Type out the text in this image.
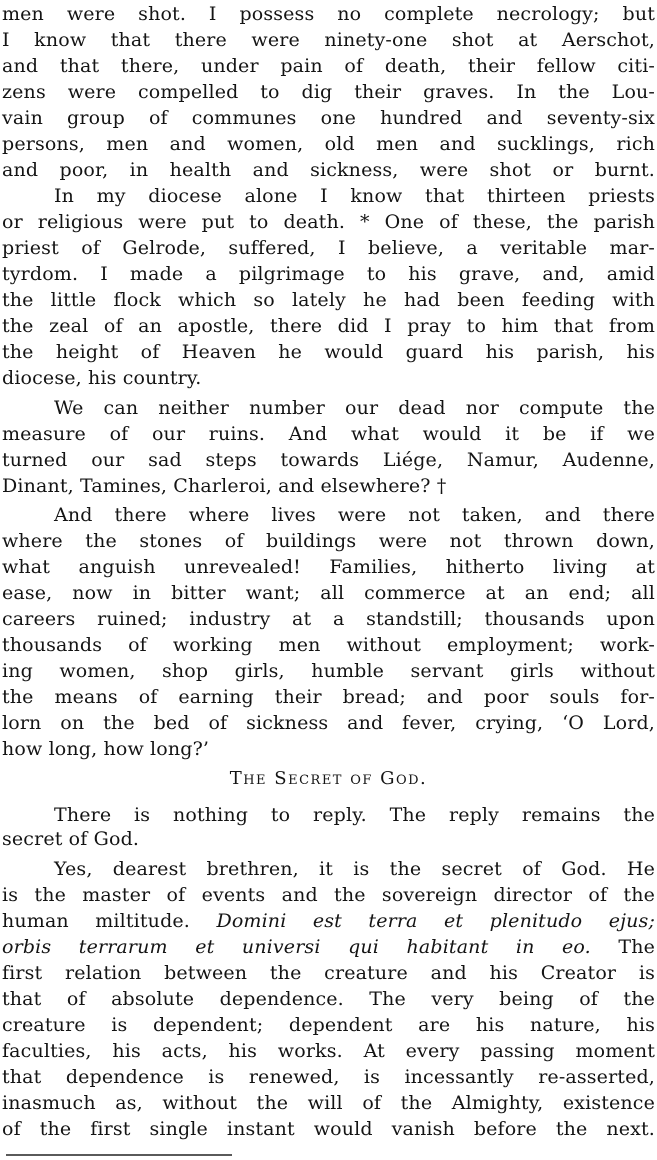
men were shot. I possess no complete necrology; but
I know that there were ninety-one shot at Aerschot,
and that there, under pain of death, their fellow citi-
zens were compelled to dig their graves. In the Lou-
vain group of communes one hundred and seventy-six
persons, men and women, old men and sucklings, rich
and poor, in health and sickness, were shot or burnt.
In my diocese alone I know that thirteen priests
or religious were put to death. * One of these, the parish
priest of Gelrode, suffered, I believe, a veritable mar-
tyrdom. I made a pilgrimage to his grave, and, amid
the little flock which so lately he had been feeding with
the zeal of an apostle, there did I pray to him that from
the height of Heaven he would guard his parish, his
diocese, his country.
We can neither number our dead nor compute the
measure of our ruins. And what would it be if we
turned our sad steps towards Liége, Namur, Audenne,
Dinant, Tamines, Charleroi, and elsewhere? †
And there where lives were not taken, and there
where the stones of buildings were not thrown down,
what anguish unrevealed! Families, hitherto living at
ease, now in bitter want; all commerce at an end; all
careers ruined; industry at a standstill; thousands upon
thousands of working men without employment; work-
ing women, shop girls, humble servant girls without
the means of earning their bread; and poor souls for-
lorn on the bed of sickness and fever, crying, ‘O Lord,
how long, how long?’
The Secret of God.
There is nothing to reply. The reply remains the
secret of God.
Yes, dearest brethren, it is the secret of God. He
is the master of events and the sovereign director of the
human miltitude. Domini est terra et plenitudo ejus;
orbis terrarum et universi qui habitant in eo. The
first relation between the creature and his Creator is
that of absolute dependence. The very being of the
creature is dependent; dependent are his nature, his
faculties, his acts, his works. At every passing moment
that dependence is renewed, is incessantly re-asserted,
inasmuch as, without the will of the Almighty, existence
of the first single instant would vanish before the next.
